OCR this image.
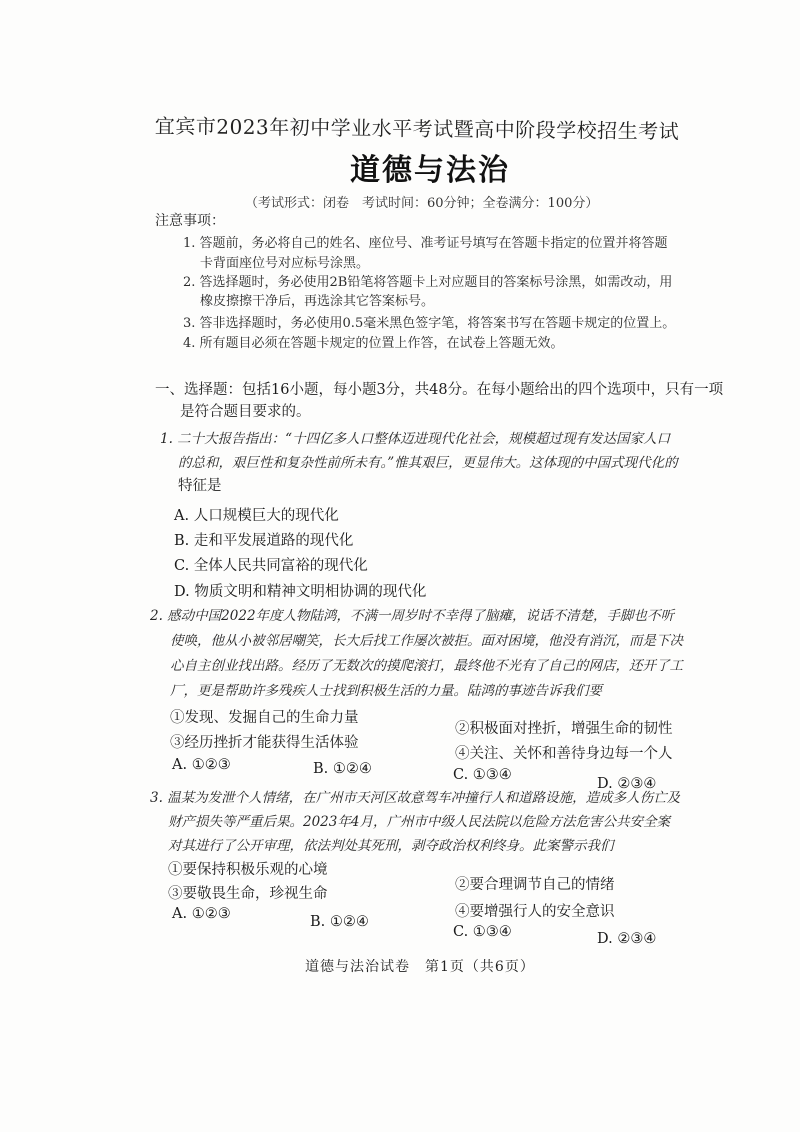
宜宾市2023年初中学业水平考试暨高中阶段学校招生考试
道德与法治
（考试形式：闭卷　考试时间：60分钟；全卷满分：100分）
注意事项：
1. 答题前，务必将自己的姓名、座位号、准考证号填写在答题卡指定的位置并将答题
卡背面座位号对应标号涂黑。
2. 答选择题时，务必使用2B铅笔将答题卡上对应题目的答案标号涂黑，如需改动，用
橡皮擦擦干净后，再选涂其它答案标号。
3. 答非选择题时，务必使用0.5毫米黑色签字笔，将答案书写在答题卡规定的位置上。
4. 所有题目必须在答题卡规定的位置上作答，在试卷上答题无效。
一、选择题：包括16小题，每小题3分，共48分。在每小题给出的四个选项中，只有一项
是符合题目要求的。
1. 二十大报告指出：“十四亿多人口整体迈进现代化社会，规模超过现有发达国家人口
的总和，艰巨性和复杂性前所未有。”惟其艰巨，更显伟大。这体现的中国式现代化的
特征是
A. 人口规模巨大的现代化
B. 走和平发展道路的现代化
C. 全体人民共同富裕的现代化
D. 物质文明和精神文明相协调的现代化
2. 感动中国2022年度人物陆鸿，不满一周岁时不幸得了脑瘫，说话不清楚，手脚也不听
使唤，他从小被邻居嘲笑，长大后找工作屡次被拒。面对困境，他没有消沉，而是下决
心自主创业找出路。经历了无数次的摸爬滚打，最终他不光有了自己的网店，还开了工
厂，更是帮助许多残疾人士找到积极生活的力量。陆鸿的事迹告诉我们要
①发现、发掘自己的生命力量
②积极面对挫折，增强生命的韧性
③经历挫折才能获得生活体验
④关注、关怀和善待身边每一个人
A. ①②③	B. ①②④	C. ①③④
D. ②③④
3. 温某为发泄个人情绪，在广州市天河区故意驾车冲撞行人和道路设施，造成多人伤亡及
财产损失等严重后果。2023年4月，广州市中级人民法院以危险方法危害公共安全案
对其进行了公开审理，依法判处其死刑，剥夺政治权利终身。此案警示我们
①要保持积极乐观的心境
②要合理调节自己的情绪
③要敬畏生命，珍视生命
④要增强行人的安全意识
A. ①②③	B. ①②④
C. ①③④	D. ②③④
道德与法治试卷　第1页（共6页）
